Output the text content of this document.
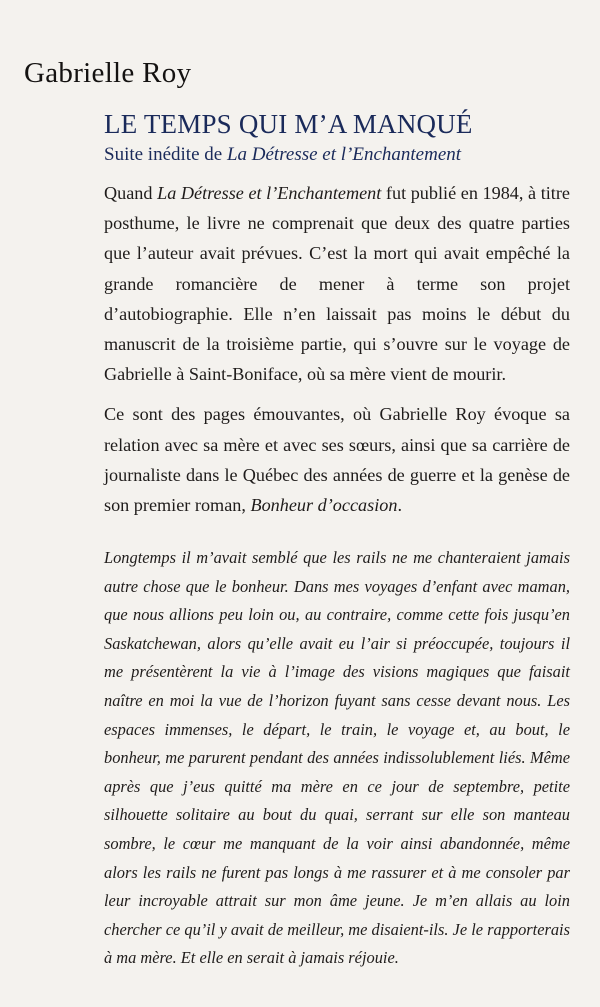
Gabrielle Roy
LE TEMPS QUI M’A MANQUÉ
Suite inédite de La Détresse et l’Enchantement

Quand La Détresse et l’Enchantement fut publié en 1984, à titre posthume, le livre ne comprenait que deux des quatre parties que l’auteur avait prévues. C’est la mort qui avait empêché la grande romancière de mener à terme son projet d’autobiographie. Elle n’en laissait pas moins le début du manuscrit de la troisième partie, qui s’ouvre sur le voyage de Gabrielle à Saint-Boniface, où sa mère vient de mourir.

Ce sont des pages émouvantes, où Gabrielle Roy évoque sa relation avec sa mère et avec ses sœurs, ainsi que sa carrière de journaliste dans le Québec des années de guerre et la genèse de son premier roman, Bonheur d’occasion.

Longtemps il m’avait semblé que les rails ne me chanteraient jamais autre chose que le bonheur. Dans mes voyages d’enfant avec maman, que nous allions peu loin ou, au contraire, comme cette fois jusqu’en Saskatchewan, alors qu’elle avait eu l’air si préoccupée, toujours il me présentèrent la vie à l’image des visions magiques que faisait naître en moi la vue de l’horizon fuyant sans cesse devant nous. Les espaces immenses, le départ, le train, le voyage et, au bout, le bonheur, me parurent pendant des années indissolublement liés. Même après que j’eus quitté ma mère en ce jour de septembre, petite silhouette solitaire au bout du quai, serrant sur elle son manteau sombre, le cœur me manquant de la voir ainsi abandonnée, même alors les rails ne furent pas longs à me rassurer et à me consoler par leur incroyable attrait sur mon âme jeune. Je m’en allais au loin chercher ce qu’il y avait de meilleur, me disaient-ils. Je le rapporterais à ma mère. Et elle en serait à jamais réjouie.
